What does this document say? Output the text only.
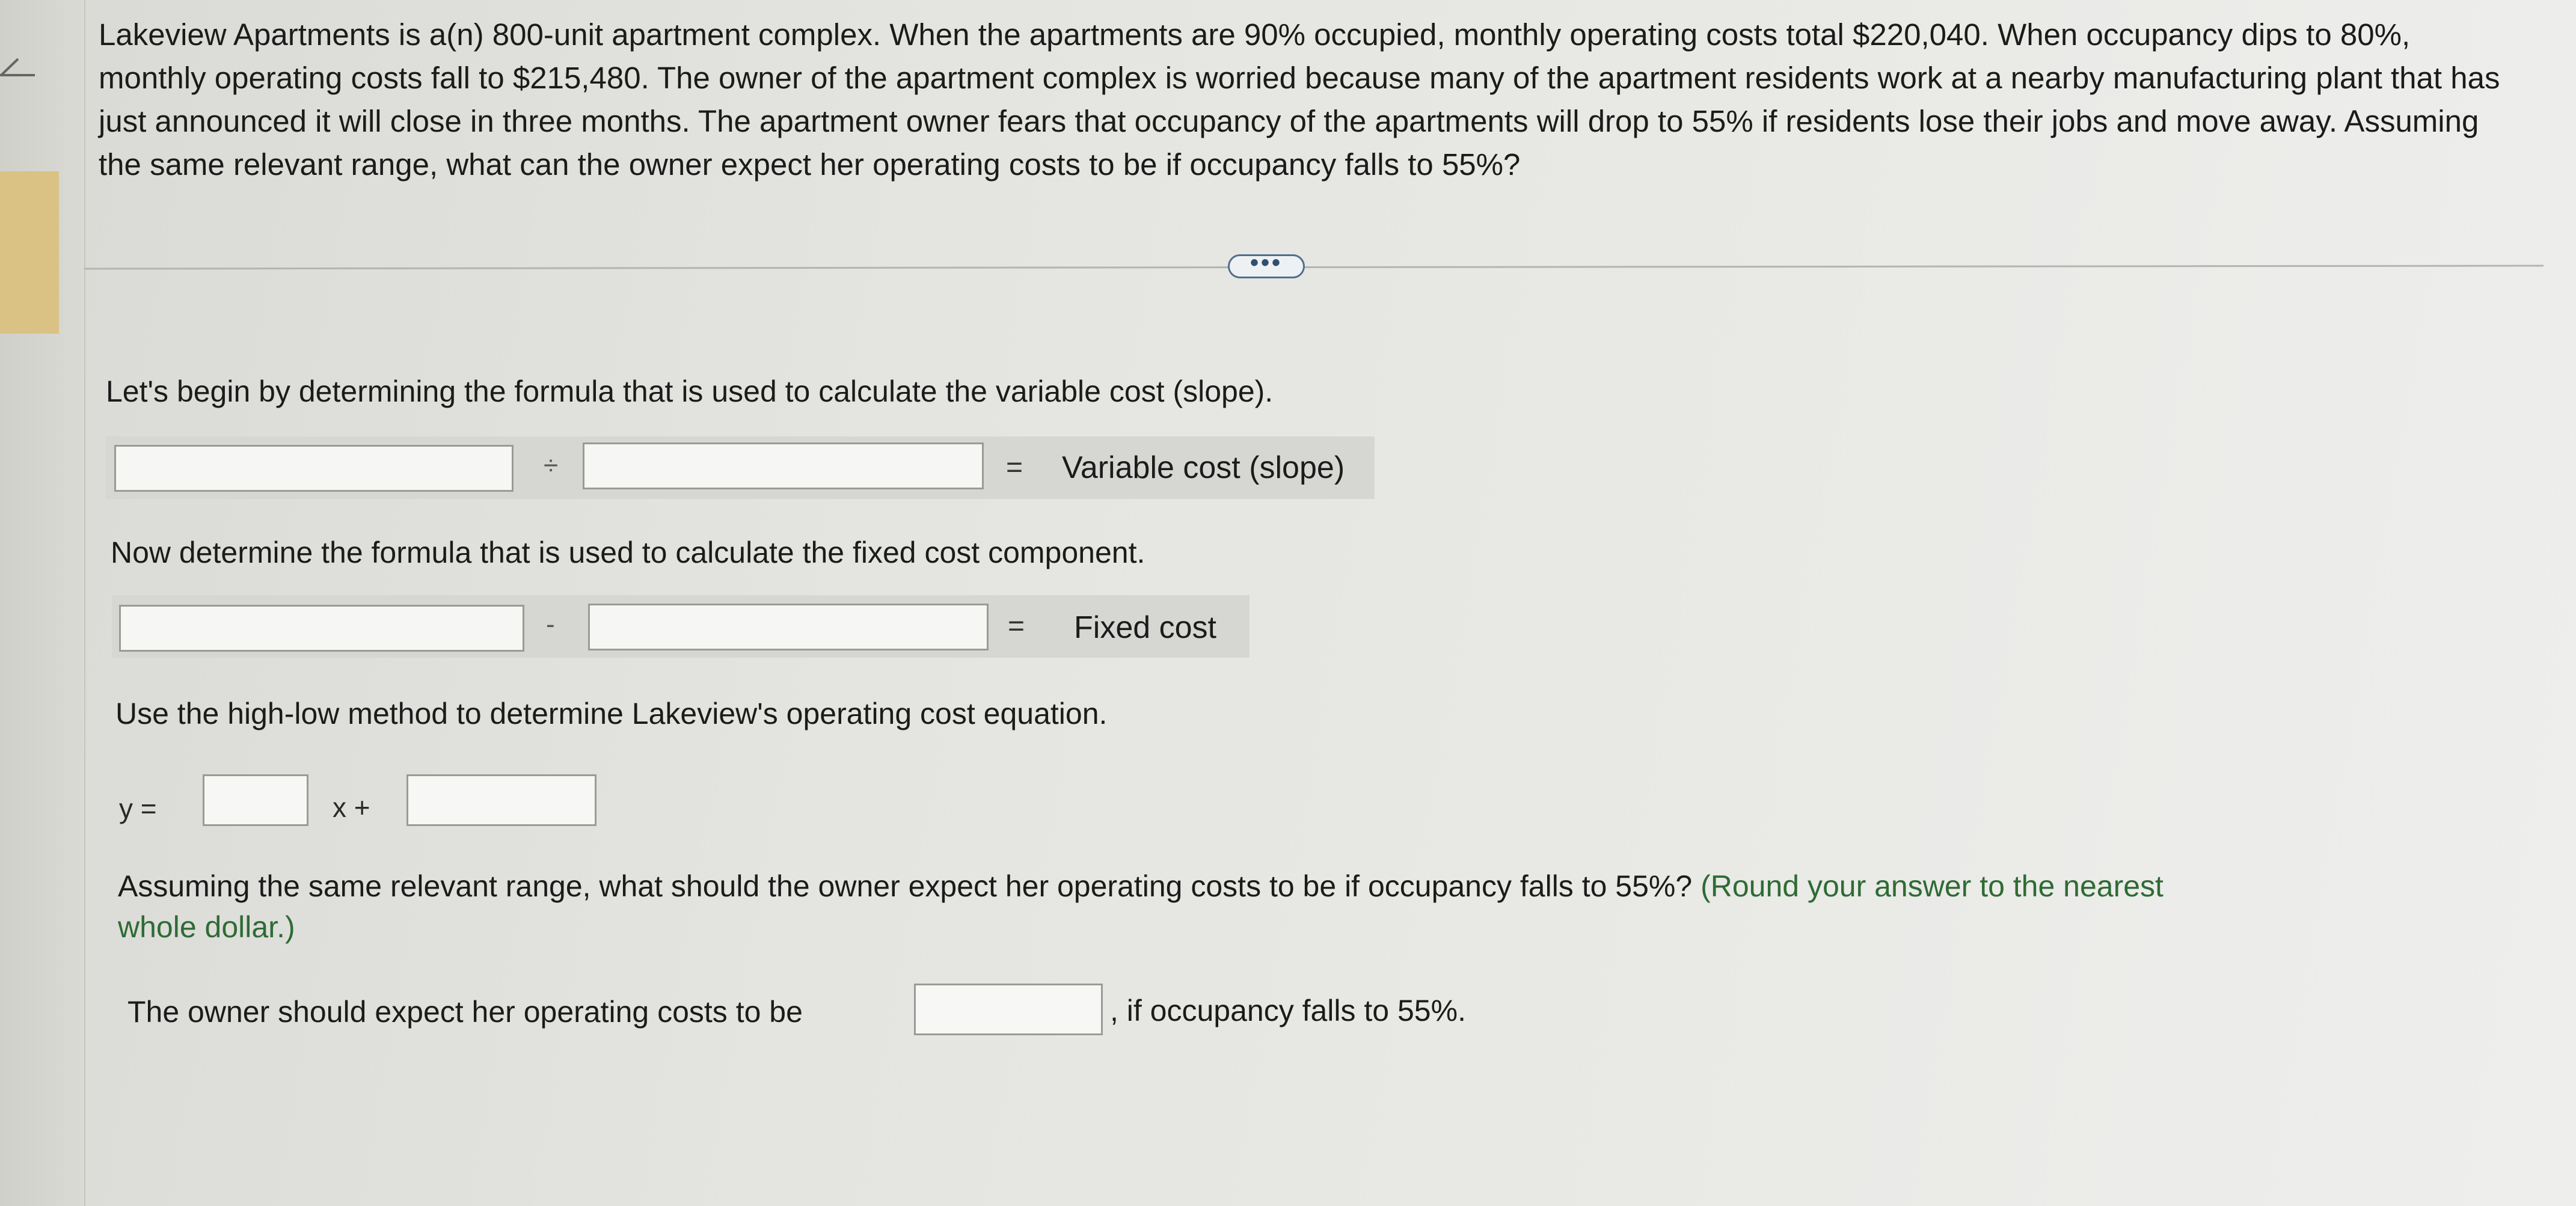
Lakeview Apartments is a(n) 800-unit apartment complex. When the apartments are 90% occupied, monthly operating costs total $220,040. When occupancy dips to 80%, monthly operating costs fall to $215,480. The owner of the apartment complex is worried because many of the apartment residents work at a nearby manufacturing plant that has just announced it will close in three months. The apartment owner fears that occupancy of the apartments will drop to 55% if residents lose their jobs and move away. Assuming the same relevant range, what can the owner expect her operating costs to be if occupancy falls to 55%?
•••
Let's begin by determining the formula that is used to calculate the variable cost (slope).
÷	= Variable cost (slope)
Now determine the formula that is used to calculate the fixed cost component.
-	= Fixed cost
Use the high-low method to determine Lakeview's operating cost equation.
y =	x +
Assuming the same relevant range, what should the owner expect her operating costs to be if occupancy falls to 55%? (Round your answer to the nearest
whole dollar.)
The owner should expect her operating costs to be	, if occupancy falls to 55%.
